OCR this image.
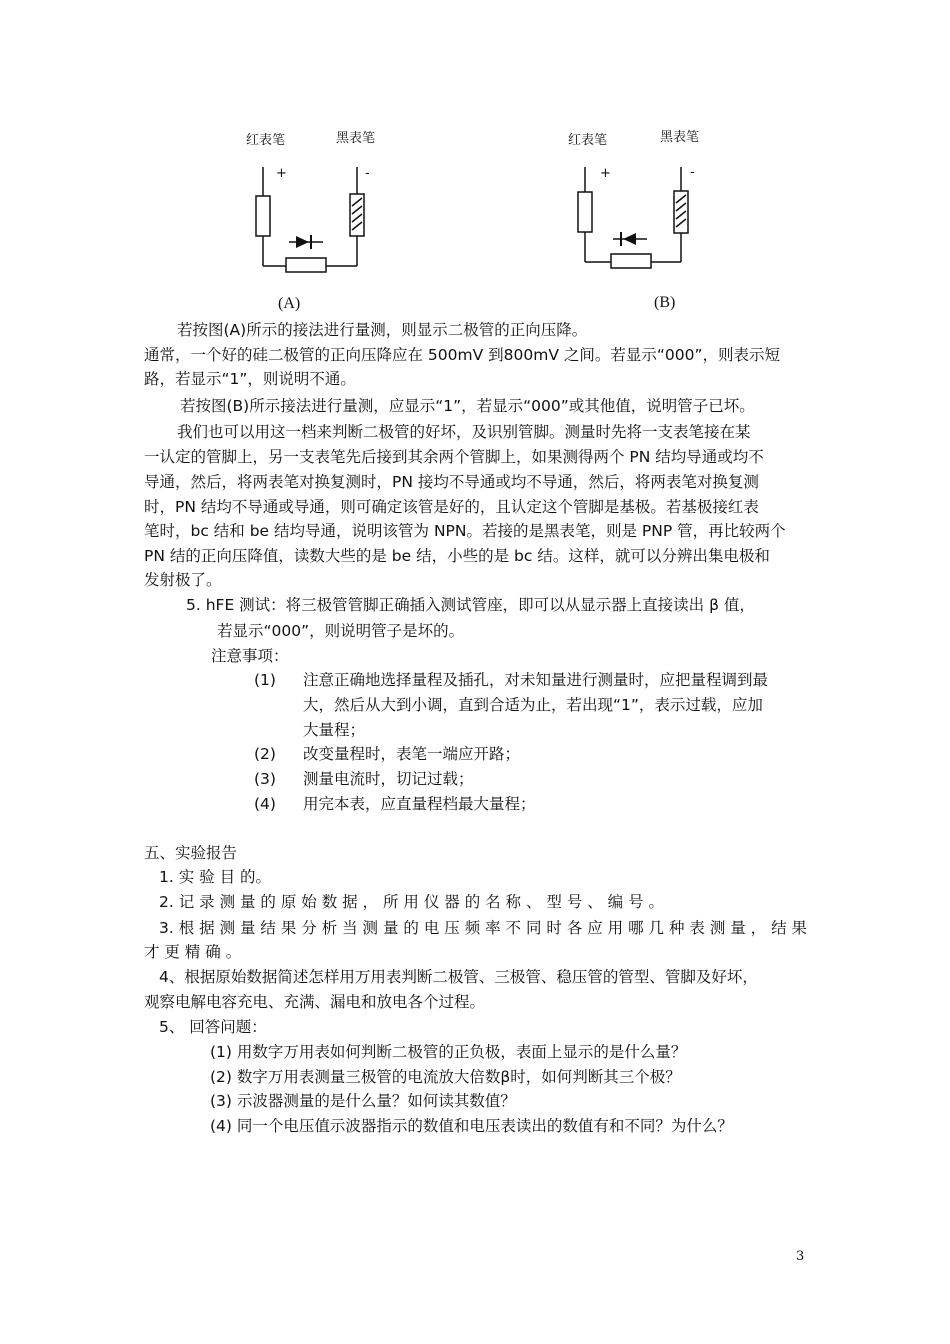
红表笔	黑表笔
+	-
(A)
红表笔	黑表笔
+	-
(B)
若按图(A)所示的接法进行量测，则显示二极管的正向压降。
通常，一个好的硅二极管的正向压降应在 500mV 到800mV 之间。若显示“000”，则表示短
路，若显示“1”，则说明不通。
若按图(B)所示接法进行量测，应显示“1”，若显示“000”或其他值，说明管子已坏。
我们也可以用这一档来判断二极管的好坏，及识别管脚。测量时先将一支表笔接在某
一认定的管脚上，另一支表笔先后接到其余两个管脚上，如果测得两个 PN 结均导通或均不
导通，然后，将两表笔对换复测时，PN 接均不导通或均不导通，然后，将两表笔对换复测
时，PN 结均不导通或导通，则可确定该管是好的，且认定这个管脚是基极。若基极接红表
笔时，bc 结和 be 结均导通，说明该管为 NPN。若接的是黑表笔，则是 PNP 管，再比较两个
PN 结的正向压降值，读数大些的是 be 结，小些的是 bc 结。这样，就可以分辨出集电极和
发射极了。
5. hFE 测试：将三极管管脚正确插入测试管座，即可以从显示器上直接读出 β 值，
若显示“000”，则说明管子是坏的。
注意事项：
(1) 注意正确地选择量程及插孔，对未知量进行测量时，应把量程调到最
大，然后从大到小调，直到合适为止，若出现“1”，表示过载，应加
大量程；
(2) 改变量程时，表笔一端应开路；
(3) 测量电流时，切记过载；
(4) 用完本表，应直量程档最大量程；
五、实验报告
1. 实 验 目 的。
2. 记 录 测 量 的 原 始 数 据 ， 所 用 仪 器 的 名 称 、 型 号 、 编 号 。
3. 根 据 测 量 结 果 分 析 当 测 量 的 电 压 频 率 不 同 时 各 应 用 哪 几 种 表 测 量 ， 结 果
才 更 精 确 。
4、根据原始数据简述怎样用万用表判断二极管、三极管、稳压管的管型、管脚及好坏，
观察电解电容充电、充满、漏电和放电各个过程。
5、 回答问题：
(1) 用数字万用表如何判断二极管的正负极，表面上显示的是什么量？
(2) 数字万用表测量三极管的电流放大倍数β时，如何判断其三个极？
(3) 示波器测量的是什么量？如何读其数值？
(4) 同一个电压值示波器指示的数值和电压表读出的数值有和不同？为什么？
3
